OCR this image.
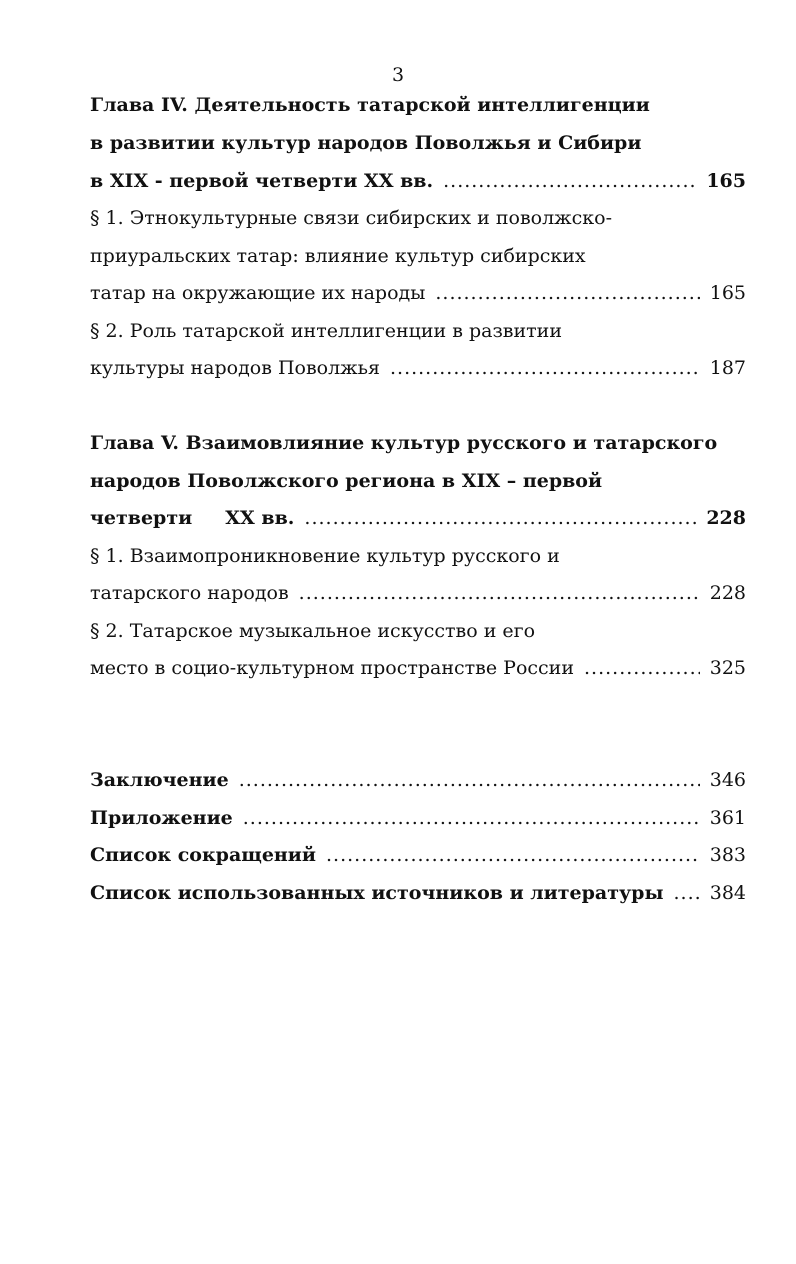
3
Глава IV. Деятельность татарской интеллигенции
в развитии культур народов Поволжья и Сибири
в XIX - первой четверти XX вв. .....	165
§ 1. Этнокультурные связи сибирских и поволжско-
приуральских татар: влияние культур сибирских
татар на окружающие их народы .....	165
§ 2. Роль татарской интеллигенции в развитии
культуры народов Поволжья .....	187
Глава V. Взаимовлияние культур русского и татарского
народов Поволжского региона в XIX – первой
четверти     XX вв. .....	228
§ 1. Взаимопроникновение культур русского и
татарского народов .....	228
§ 2. Татарское музыкальное искусство и его
место в социо-культурном пространстве России .....	325
Заключение .....	346
Приложение .....	361
Список сокращений .....	383
Список использованных источников и литературы ..... 384
